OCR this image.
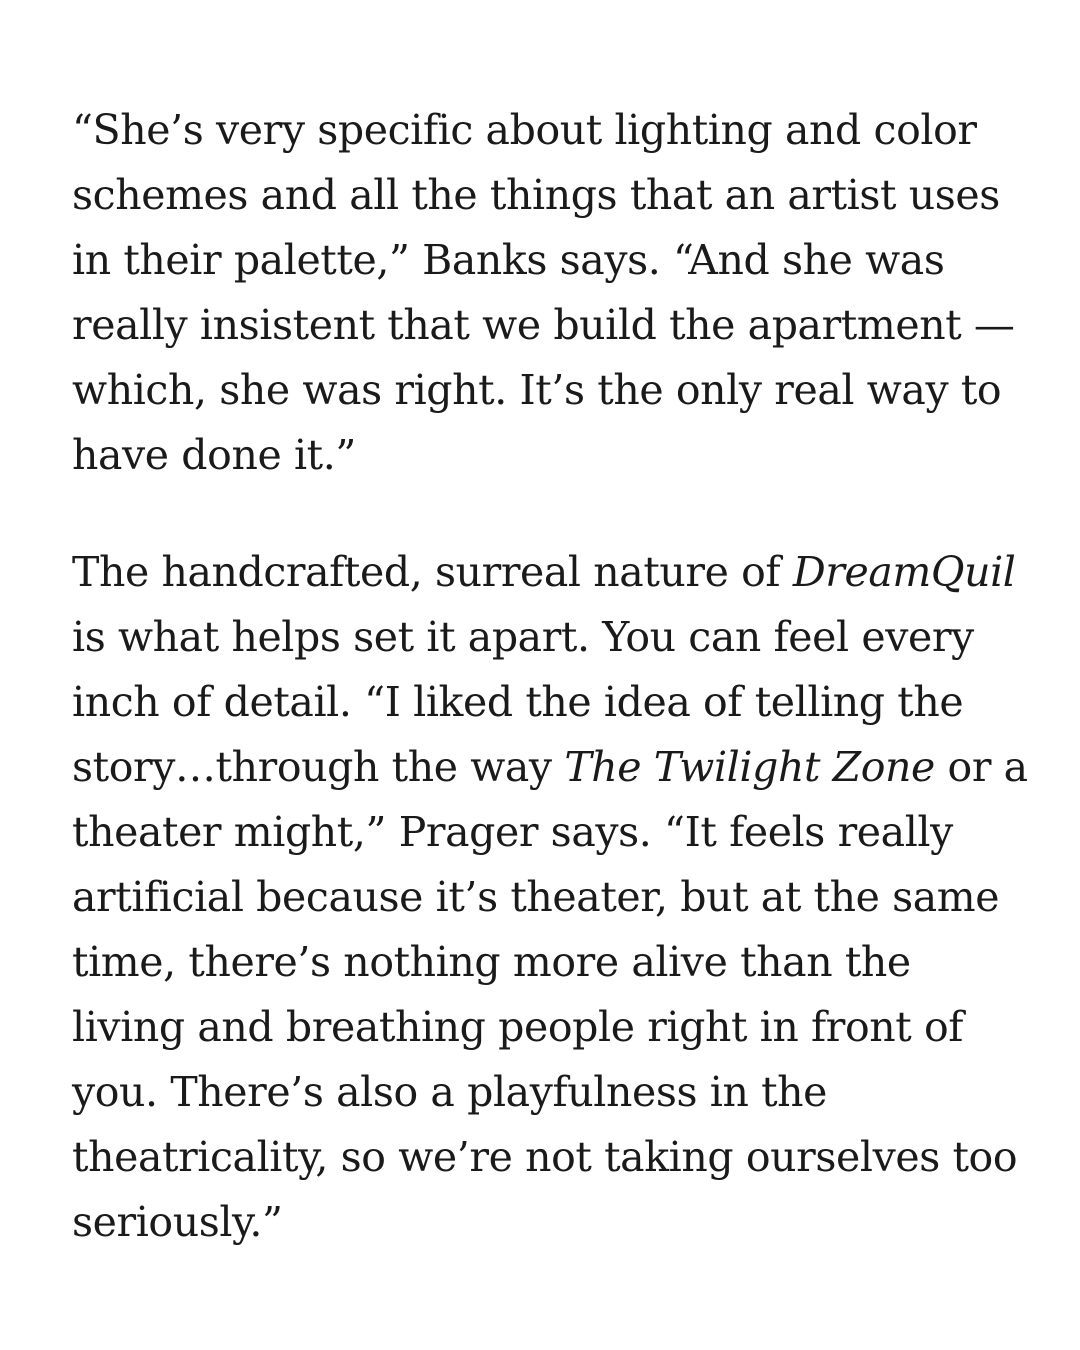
“She’s very specific about lighting and color
schemes and all the things that an artist uses
in their palette,” Banks says. “And she was
really insistent that we build the apartment —
which, she was right. It’s the only real way to
have done it.”

The handcrafted, surreal nature of DreamQuil
is what helps set it apart. You can feel every
inch of detail. “I liked the idea of telling the
story…through the way The Twilight Zone or a
theater might,” Prager says. “It feels really
artificial because it’s theater, but at the same
time, there’s nothing more alive than the
living and breathing people right in front of
you. There’s also a playfulness in the
theatricality, so we’re not taking ourselves too
seriously.”
